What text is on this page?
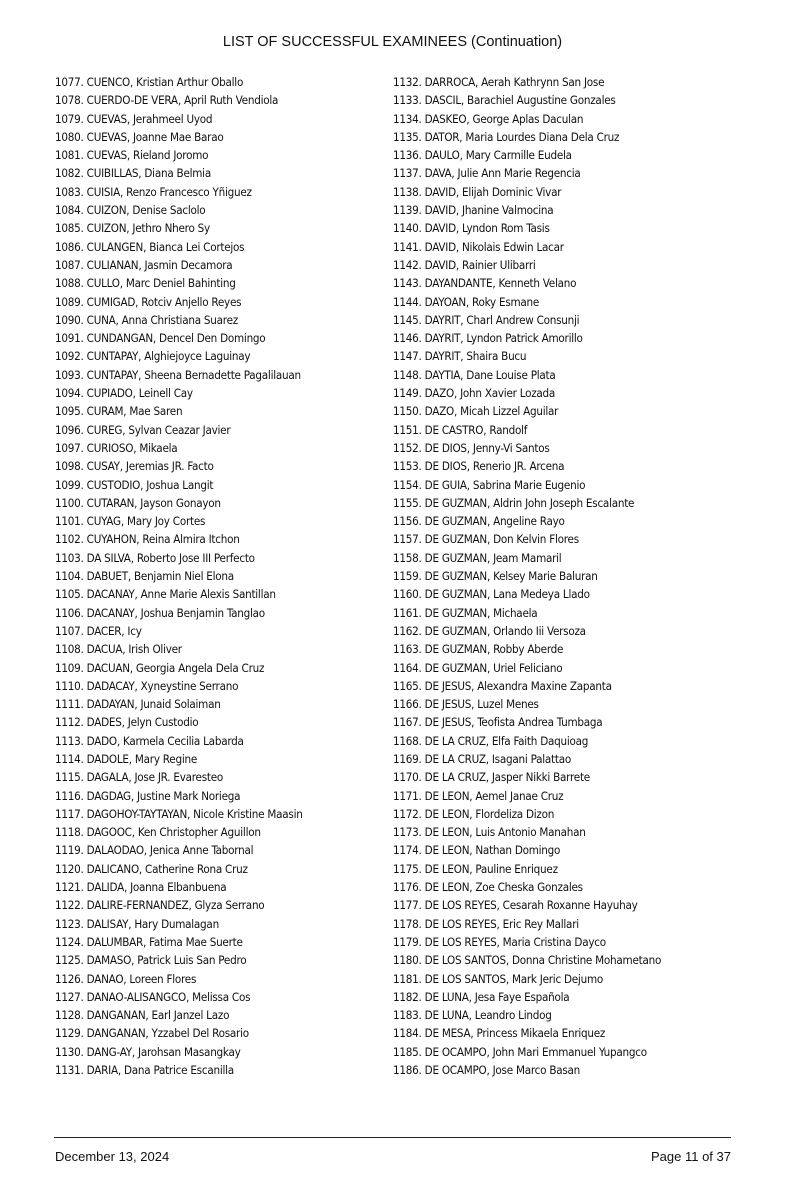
LIST OF SUCCESSFUL EXAMINEES (Continuation)
1077. CUENCO, Kristian Arthur Oballo
1078. CUERDO-DE VERA, April Ruth Vendiola
1079. CUEVAS, Jerahmeel Uyod
1080. CUEVAS, Joanne Mae Barao
1081. CUEVAS, Rieland Joromo
1082. CUIBILLAS, Diana Belmia
1083. CUISIA, Renzo Francesco Yñiguez
1084. CUIZON, Denise Saclolo
1085. CUIZON, Jethro Nhero Sy
1086. CULANGEN, Bianca Lei Cortejos
1087. CULIANAN, Jasmin Decamora
1088. CULLO, Marc Deniel Bahinting
1089. CUMIGAD, Rotciv Anjello Reyes
1090. CUNA, Anna Christiana Suarez
1091. CUNDANGAN, Dencel Den Domingo
1092. CUNTAPAY, Alghiejoyce Laguinay
1093. CUNTAPAY, Sheena Bernadette Pagalilauan
1094. CUPIADO, Leinell Cay
1095. CURAM, Mae Saren
1096. CUREG, Sylvan Ceazar Javier
1097. CURIOSO, Mikaela
1098. CUSAY, Jeremias JR. Facto
1099. CUSTODIO, Joshua Langit
1100. CUTARAN, Jayson Gonayon
1101. CUYAG, Mary Joy Cortes
1102. CUYAHON, Reina Almira Itchon
1103. DA SILVA, Roberto Jose III Perfecto
1104. DABUET, Benjamin Niel Elona
1105. DACANAY, Anne Marie Alexis Santillan
1106. DACANAY, Joshua Benjamin Tanglao
1107. DACER, Icy
1108. DACUA, Irish Oliver
1109. DACUAN, Georgia Angela Dela Cruz
1110. DADACAY, Xyneystine Serrano
1111. DADAYAN, Junaid Solaiman
1112. DADES, Jelyn Custodio
1113. DADO, Karmela Cecilia Labarda
1114. DADOLE, Mary Regine
1115. DAGALA, Jose JR. Evaresteo
1116. DAGDAG, Justine Mark Noriega
1117. DAGOHOY-TAYTAYAN, Nicole Kristine Maasin
1118. DAGOOC, Ken Christopher Aguillon
1119. DALAODAO, Jenica Anne Tabornal
1120. DALICANO, Catherine Rona Cruz
1121. DALIDA, Joanna Elbanbuena
1122. DALIRE-FERNANDEZ, Glyza Serrano
1123. DALISAY, Hary Dumalagan
1124. DALUMBAR, Fatima Mae Suerte
1125. DAMASO, Patrick Luis San Pedro
1126. DANAO, Loreen Flores
1127. DANAO-ALISANGCO, Melissa Cos
1128. DANGANAN, Earl Janzel Lazo
1129. DANGANAN, Yzzabel Del Rosario
1130. DANG-AY, Jarohsan Masangkay
1131. DARIA, Dana Patrice Escanilla
1132. DARROCA, Aerah Kathrynn San Jose
1133. DASCIL, Barachiel Augustine Gonzales
1134. DASKEO, George Aplas Daculan
1135. DATOR, Maria Lourdes Diana Dela Cruz
1136. DAULO, Mary Carmille Eudela
1137. DAVA, Julie Ann Marie Regencia
1138. DAVID, Elijah Dominic Vivar
1139. DAVID, Jhanine Valmocina
1140. DAVID, Lyndon Rom Tasis
1141. DAVID, Nikolais Edwin Lacar
1142. DAVID, Rainier Ulibarri
1143. DAYANDANTE, Kenneth Velano
1144. DAYOAN, Roky Esmane
1145. DAYRIT, Charl Andrew Consunji
1146. DAYRIT, Lyndon Patrick Amorillo
1147. DAYRIT, Shaira Bucu
1148. DAYTIA, Dane Louise Plata
1149. DAZO, John Xavier Lozada
1150. DAZO, Micah Lizzel Aguilar
1151. DE CASTRO, Randolf
1152. DE DIOS, Jenny-Vi Santos
1153. DE DIOS, Renerio JR. Arcena
1154. DE GUIA, Sabrina Marie Eugenio
1155. DE GUZMAN, Aldrin John Joseph Escalante
1156. DE GUZMAN, Angeline Rayo
1157. DE GUZMAN, Don Kelvin Flores
1158. DE GUZMAN, Jeam Mamaril
1159. DE GUZMAN, Kelsey Marie Baluran
1160. DE GUZMAN, Lana Medeya Llado
1161. DE GUZMAN, Michaela
1162. DE GUZMAN, Orlando Iii Versoza
1163. DE GUZMAN, Robby Aberde
1164. DE GUZMAN, Uriel Feliciano
1165. DE JESUS, Alexandra Maxine Zapanta
1166. DE JESUS, Luzel Menes
1167. DE JESUS, Teofista Andrea Tumbaga
1168. DE LA CRUZ, Elfa Faith Daquioag
1169. DE LA CRUZ, Isagani Palattao
1170. DE LA CRUZ, Jasper Nikki Barrete
1171. DE LEON, Aemel Janae Cruz
1172. DE LEON, Flordeliza Dizon
1173. DE LEON, Luis Antonio Manahan
1174. DE LEON, Nathan Domingo
1175. DE LEON, Pauline Enriquez
1176. DE LEON, Zoe Cheska Gonzales
1177. DE LOS REYES, Cesarah Roxanne Hayuhay
1178. DE LOS REYES, Eric Rey Mallari
1179. DE LOS REYES, Maria Cristina Dayco
1180. DE LOS SANTOS, Donna Christine Mohametano
1181. DE LOS SANTOS, Mark Jeric Dejumo
1182. DE LUNA, Jesa Faye Española
1183. DE LUNA, Leandro Lindog
1184. DE MESA, Princess Mikaela Enriquez
1185. DE OCAMPO, John Mari Emmanuel Yupangco
1186. DE OCAMPO, Jose Marco Basan
December 13, 2024	Page 11 of 37
